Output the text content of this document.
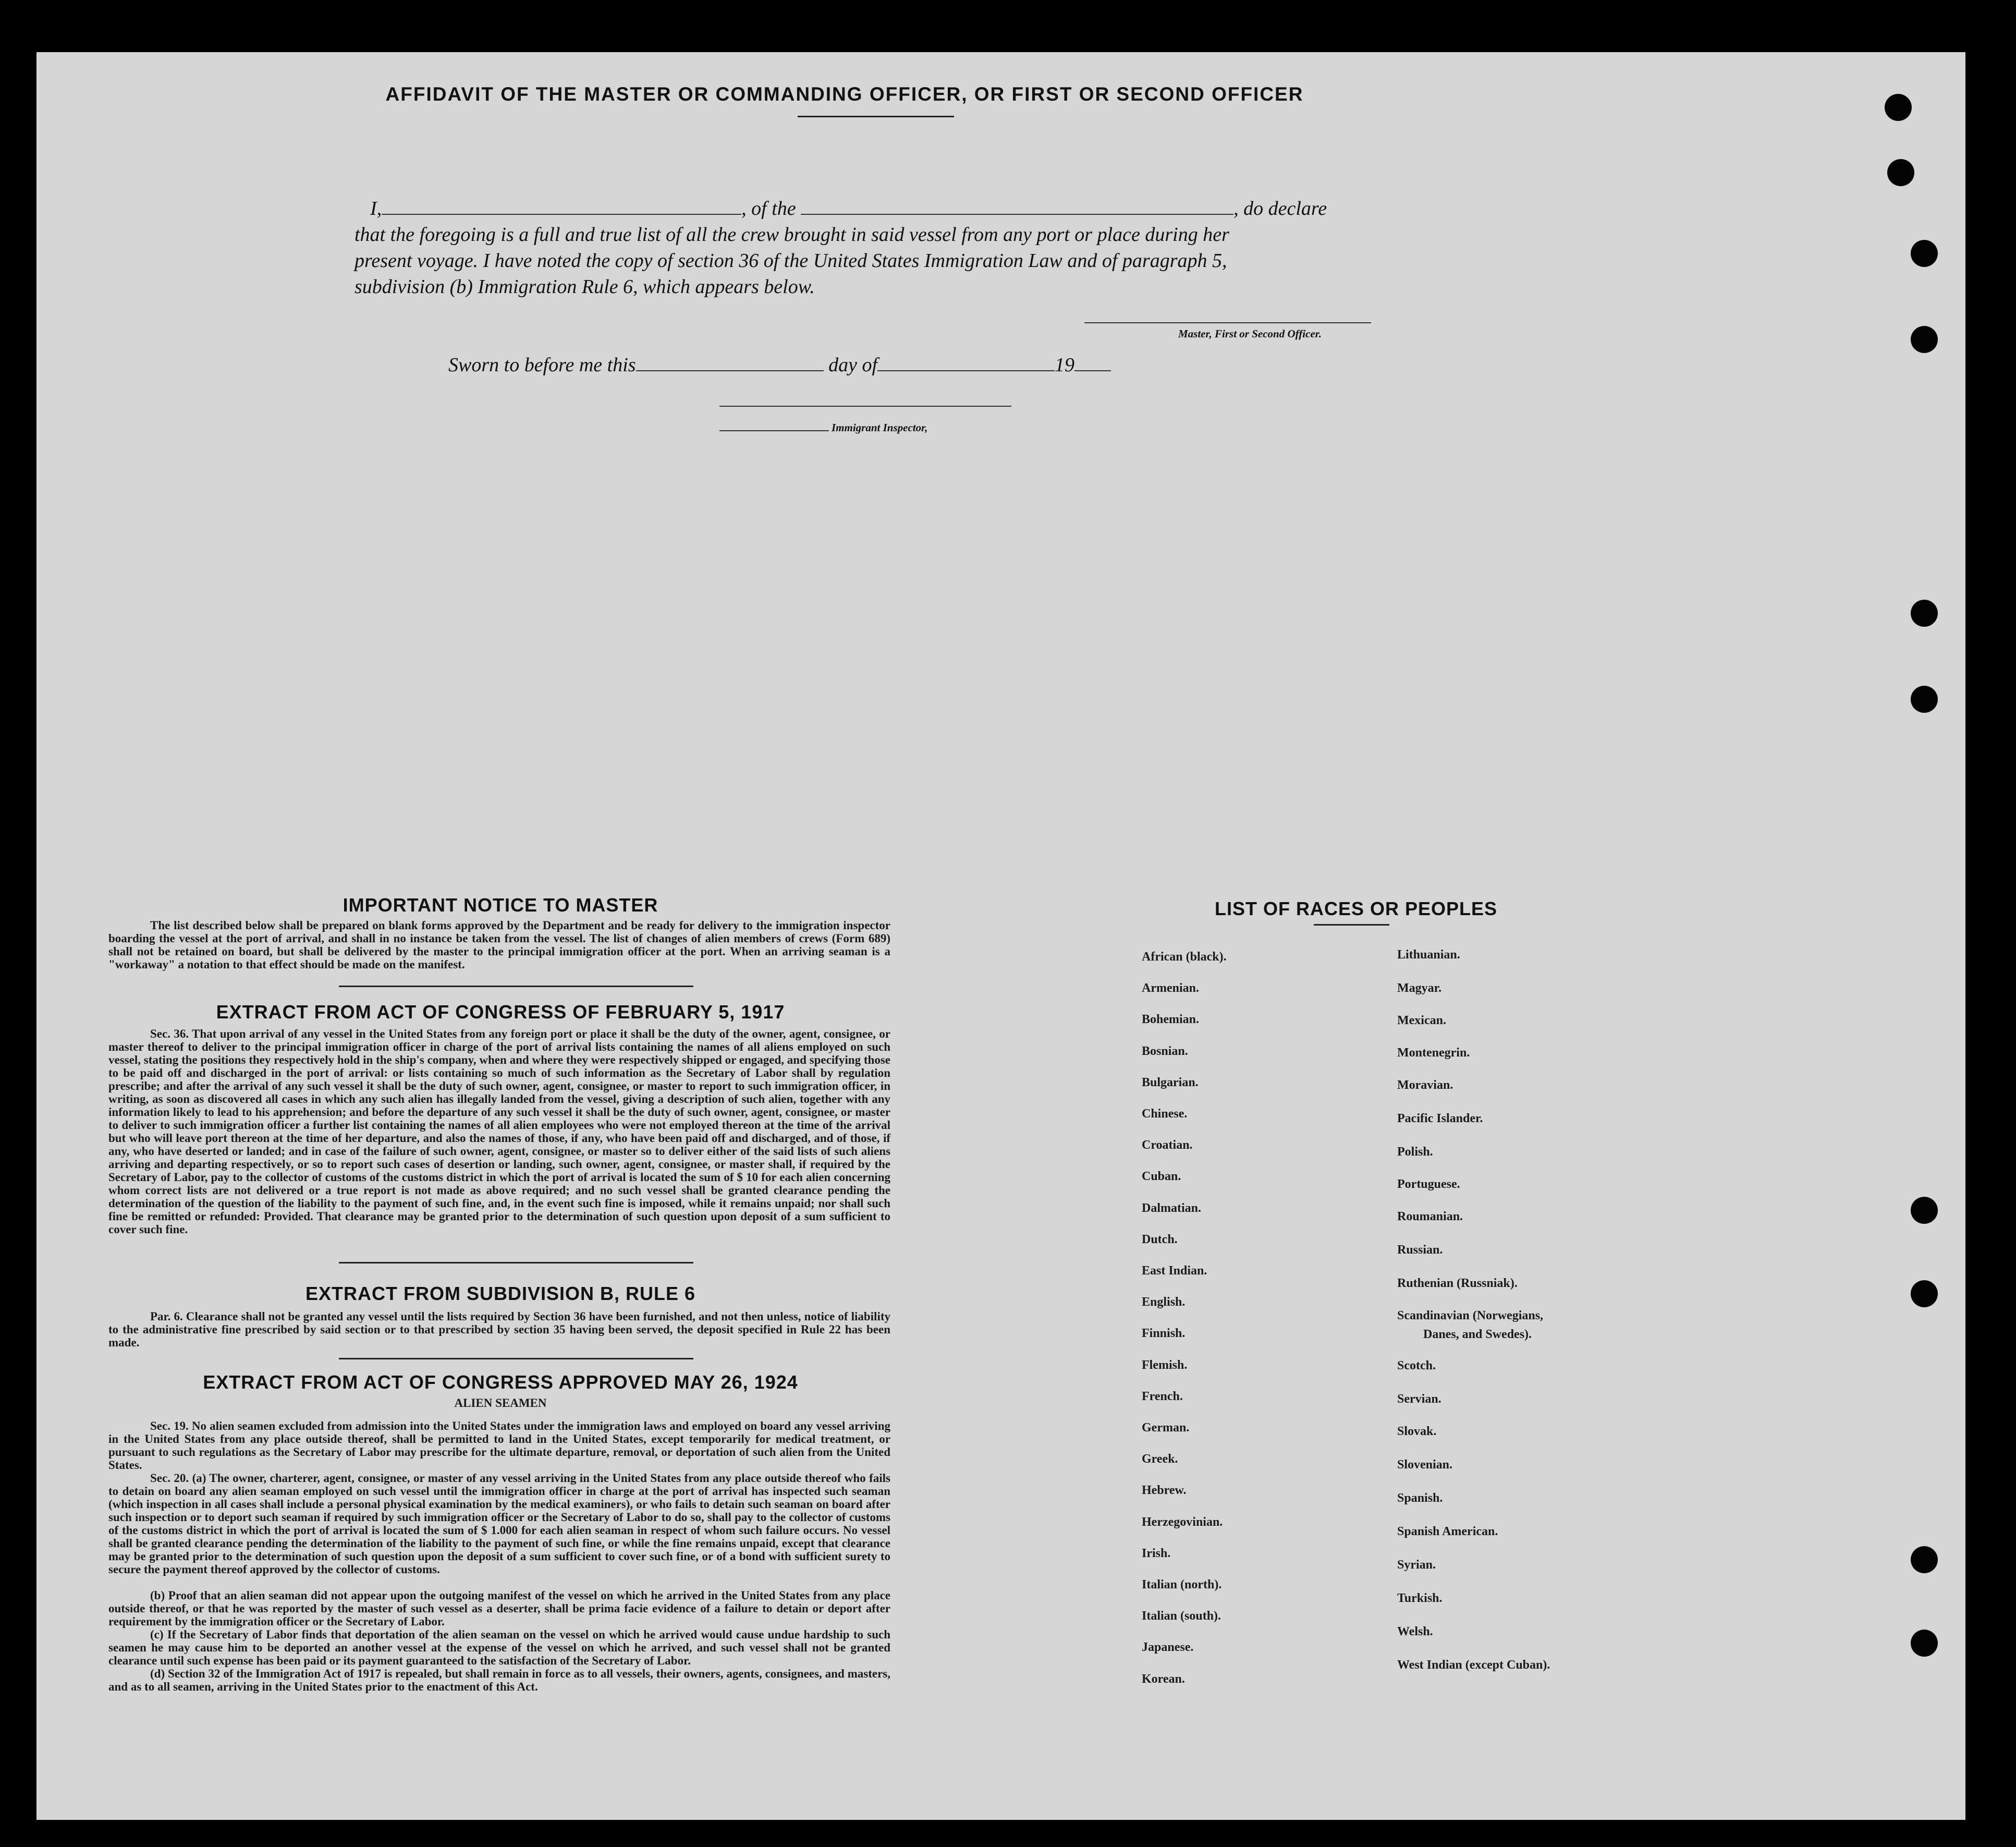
AFFIDAVIT OF THE MASTER OR COMMANDING OFFICER, OR FIRST OR SECOND OFFICER
I,	, of the	, do declare
that the foregoing is a full and true list of all the crew brought in said vessel from any port or place during her
present voyage. I have noted the copy of section 36 of the United States Immigration Law and of paragraph 5,
subdivision (b) Immigration Rule 6, which appears below.
Master, First or Second Officer.
Sworn to before me this	day of	19
Immigrant Inspector,
IMPORTANT NOTICE TO MASTER
The list described below shall be prepared on blank forms approved by the Department and be ready for delivery to the immigration inspector boarding the vessel at the port of arrival, and shall in no instance be taken from the vessel. The list of changes of alien members of crews (Form 689) shall not be retained on board, but shall be delivered by the master to the principal immigration officer at the port. When an arriving seaman is a "workaway" a notation to that effect should be made on the manifest.
EXTRACT FROM ACT OF CONGRESS OF FEBRUARY 5, 1917
Sec. 36. That upon arrival of any vessel in the United States from any foreign port or place it shall be the duty of the owner, agent, consignee, or master thereof to deliver to the principal immigration officer in charge of the port of arrival lists containing the names of all aliens employed on such vessel, stating the positions they respectively hold in the ship's company, when and where they were respectively shipped or engaged, and specifying those to be paid off and discharged in the port of arrival: or lists containing so much of such information as the Secretary of Labor shall by regulation prescribe; and after the arrival of any such vessel it shall be the duty of such owner, agent, consignee, or master to report to such immigration officer, in writing, as soon as discovered all cases in which any such alien has illegally landed from the vessel, giving a description of such alien, together with any information likely to lead to his apprehension; and before the departure of any such vessel it shall be the duty of such owner, agent, consignee, or master to deliver to such immigration officer a further list containing the names of all alien employees who were not employed thereon at the time of the arrival but who will leave port thereon at the time of her departure, and also the names of those, if any, who have been paid off and discharged, and of those, if any, who have deserted or landed; and in case of the failure of such owner, agent, consignee, or master so to deliver either of the said lists of such aliens arriving and departing respectively, or so to report such cases of desertion or landing, such owner, agent, consignee, or master shall, if required by the Secretary of Labor, pay to the collector of customs of the customs district in which the port of arrival is located the sum of $ 10 for each alien concerning whom correct lists are not delivered or a true report is not made as above required; and no such vessel shall be granted clearance pending the determination of the question of the liability to the payment of such fine, and, in the event such fine is imposed, while it remains unpaid; nor shall such fine be remitted or refunded: Provided. That clearance may be granted prior to the determination of such question upon deposit of a sum sufficient to cover such fine.
EXTRACT FROM SUBDIVISION B, RULE 6
Par. 6. Clearance shall not be granted any vessel until the lists required by Section 36 have been furnished, and not then unless, notice of liability to the administrative fine prescribed by said section or to that prescribed by section 35 having been served, the deposit specified in Rule 22 has been made.
EXTRACT FROM ACT OF CONGRESS APPROVED MAY 26, 1924
ALIEN SEAMEN
Sec. 19. No alien seamen excluded from admission into the United States under the immigration laws and employed on board any vessel arriving in the United States from any place outside thereof, shall be permitted to land in the United States, except temporarily for medical treatment, or pursuant to such regulations as the Secretary of Labor may prescribe for the ultimate departure, removal, or deportation of such alien from the United States.
Sec. 20. (a) The owner, charterer, agent, consignee, or master of any vessel arriving in the United States from any place outside thereof who fails to detain on board any alien seaman employed on such vessel until the immigration officer in charge at the port of arrival has inspected such seaman (which inspection in all cases shall include a personal physical examination by the medical examiners), or who fails to detain such seaman on board after such inspection or to deport such seaman if required by such immigration officer or the Secretary of Labor to do so, shall pay to the collector of customs of the customs district in which the port of arrival is located the sum of $ 1.000 for each alien seaman in respect of whom such failure occurs. No vessel shall be granted clearance pending the determination of the liability to the payment of such fine, or while the fine remains unpaid, except that clearance may be granted prior to the determination of such question upon the deposit of a sum sufficient to cover such fine, or of a bond with sufficient surety to secure the payment thereof approved by the collector of customs.
(b) Proof that an alien seaman did not appear upon the outgoing manifest of the vessel on which he arrived in the United States from any place outside thereof, or that he was reported by the master of such vessel as a deserter, shall be prima facie evidence of a failure to detain or deport after requirement by the immigration officer or the Secretary of Labor.
(c) If the Secretary of Labor finds that deportation of the alien seaman on the vessel on which he arrived would cause undue hardship to such seamen he may cause him to be deported an another vessel at the expense of the vessel on which he arrived, and such vessel shall not be granted clearance until such expense has been paid or its payment guaranteed to the satisfaction of the Secretary of Labor.
(d) Section 32 of the Immigration Act of 1917 is repealed, but shall remain in force as to all vessels, their owners, agents, consignees, and masters, and as to all seamen, arriving in the United States prior to the enactment of this Act.
LIST OF RACES OR PEOPLES
African (black).
Armenian.
Bohemian.
Bosnian.
Bulgarian.
Chinese.
Croatian.
Cuban.
Dalmatian.
Dutch.
East Indian.
English.
Finnish.
Flemish.
French.
German.
Greek.
Hebrew.
Herzegovinian.
Irish.
Italian (north).
Italian (south).
Japanese.
Korean.
Lithuanian.
Magyar.
Mexican.
Montenegrin.
Moravian.
Pacific Islander.
Polish.
Portuguese.
Roumanian.
Russian.
Ruthenian (Russniak).
Scandinavian (Norwegians,
Danes, and Swedes).
Scotch.
Servian.
Slovak.
Slovenian.
Spanish.
Spanish American.
Syrian.
Turkish.
Welsh.
West Indian (except Cuban).
